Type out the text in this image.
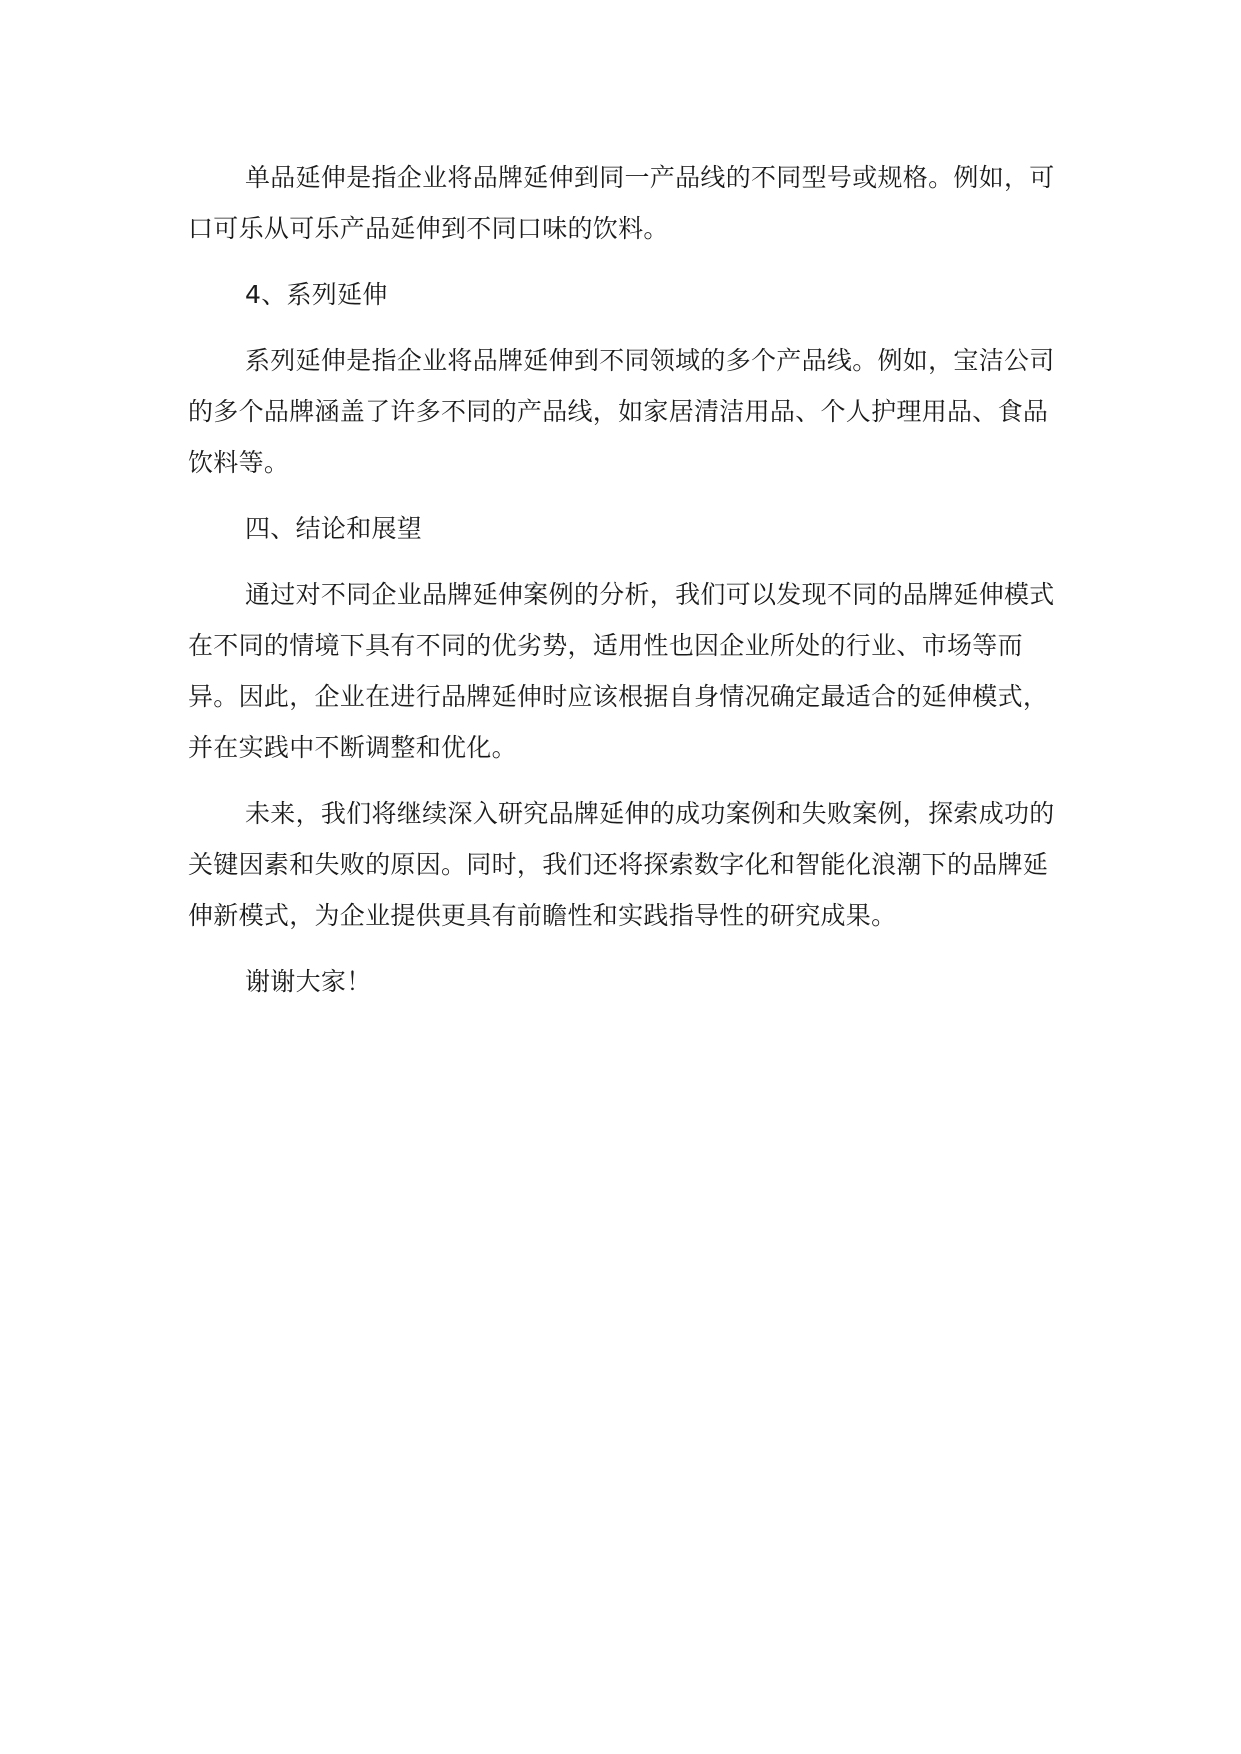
单品延伸是指企业将品牌延伸到同一产品线的不同型号或规格。例如，可口可乐从可乐产品延伸到不同口味的饮料。

4、系列延伸

系列延伸是指企业将品牌延伸到不同领域的多个产品线。例如，宝洁公司的多个品牌涵盖了许多不同的产品线，如家居清洁用品、个人护理用品、食品饮料等。

四、结论和展望

通过对不同企业品牌延伸案例的分析，我们可以发现不同的品牌延伸模式在不同的情境下具有不同的优劣势，适用性也因企业所处的行业、市场等而异。因此，企业在进行品牌延伸时应该根据自身情况确定最适合的延伸模式，并在实践中不断调整和优化。

未来，我们将继续深入研究品牌延伸的成功案例和失败案例，探索成功的关键因素和失败的原因。同时，我们还将探索数字化和智能化浪潮下的品牌延伸新模式，为企业提供更具有前瞻性和实践指导性的研究成果。

谢谢大家！
